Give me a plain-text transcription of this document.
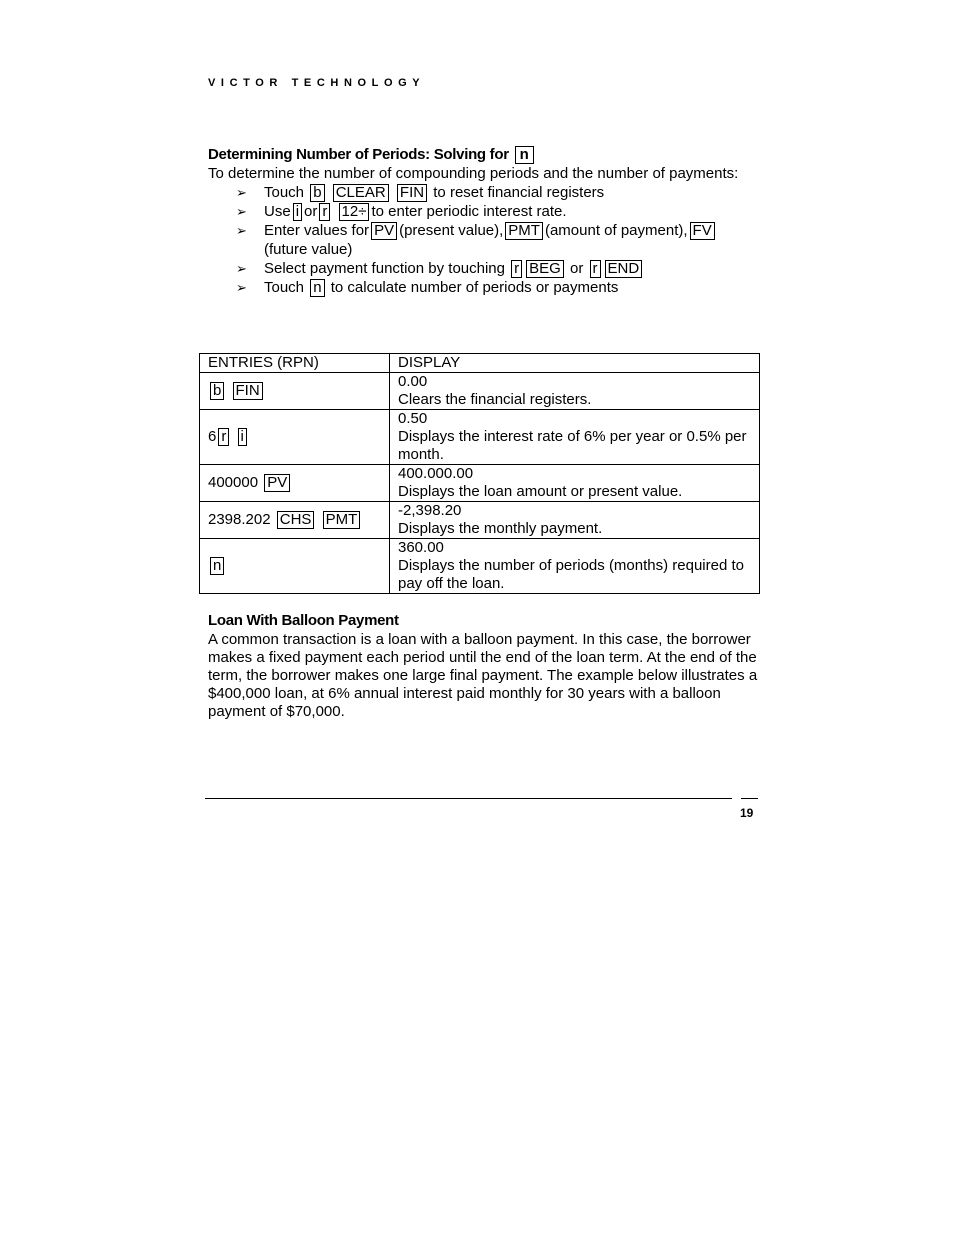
VICTOR TECHNOLOGY
Determining Number of Periods: Solving for n
To determine the number of compounding periods and the number of payments:
➢ Touch b CLEAR FIN to reset financial registers
➢ Use i or r 12÷ to enter periodic interest rate.
➢ Enter values for PV (present value), PMT (amount of payment), FV
(future value)
➢ Select payment function by touching r BEG or r END
➢ Touch n to calculate number of periods or payments
ENTRIES (RPN)	DISPLAY
b FIN	0.00
Clears the financial registers.

6 r i	0.50
Displays the interest rate of 6% per year or 0.5% per month.

400000 PV	400.000.00
Displays the loan amount or present value.

2398.202 CHS PMT	-2,398.20
Displays the monthly payment.

n	360.00
Displays the number of periods (months) required to pay off the loan.
Loan With Balloon Payment
A common transaction is a loan with a balloon payment. In this case, the borrower makes a fixed payment each period until the end of the loan term. At the end of the term, the borrower makes one large final payment. The example below illustrates a $400,000 loan, at 6% annual interest paid monthly for 30 years with a balloon payment of $70,000.
19
